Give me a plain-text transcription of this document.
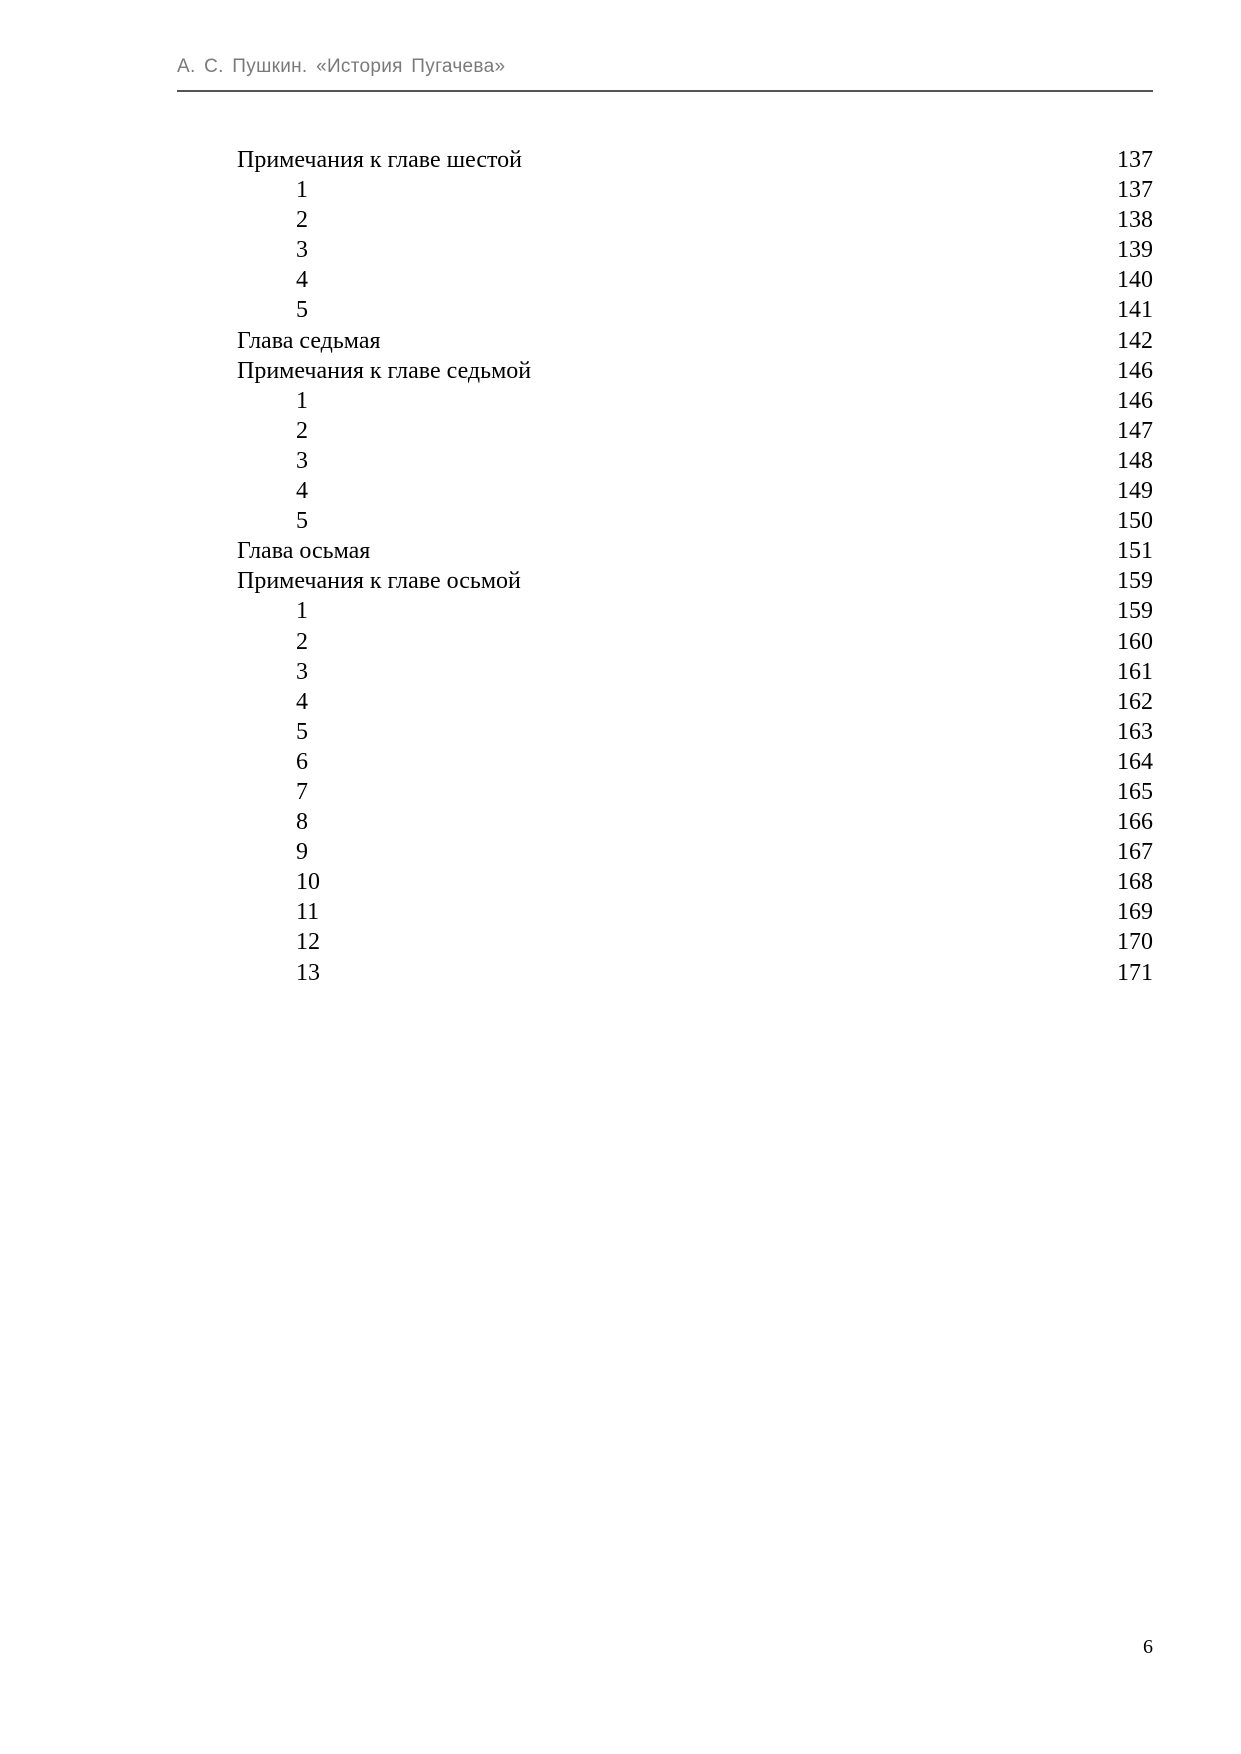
А. С. Пушкин. «История Пугачева»
Примечания к главе шестой	137
1	137
2	138
3	139
4	140
5	141
Глава седьмая	142
Примечания к главе седьмой	146
1	146
2	147
3	148
4	149
5	150
Глава осьмая	151
Примечания к главе осьмой	159
1	159
2	160
3	161
4	162
5	163
6	164
7	165
8	166
9	167
10	168
11	169
12	170
13	171
6
